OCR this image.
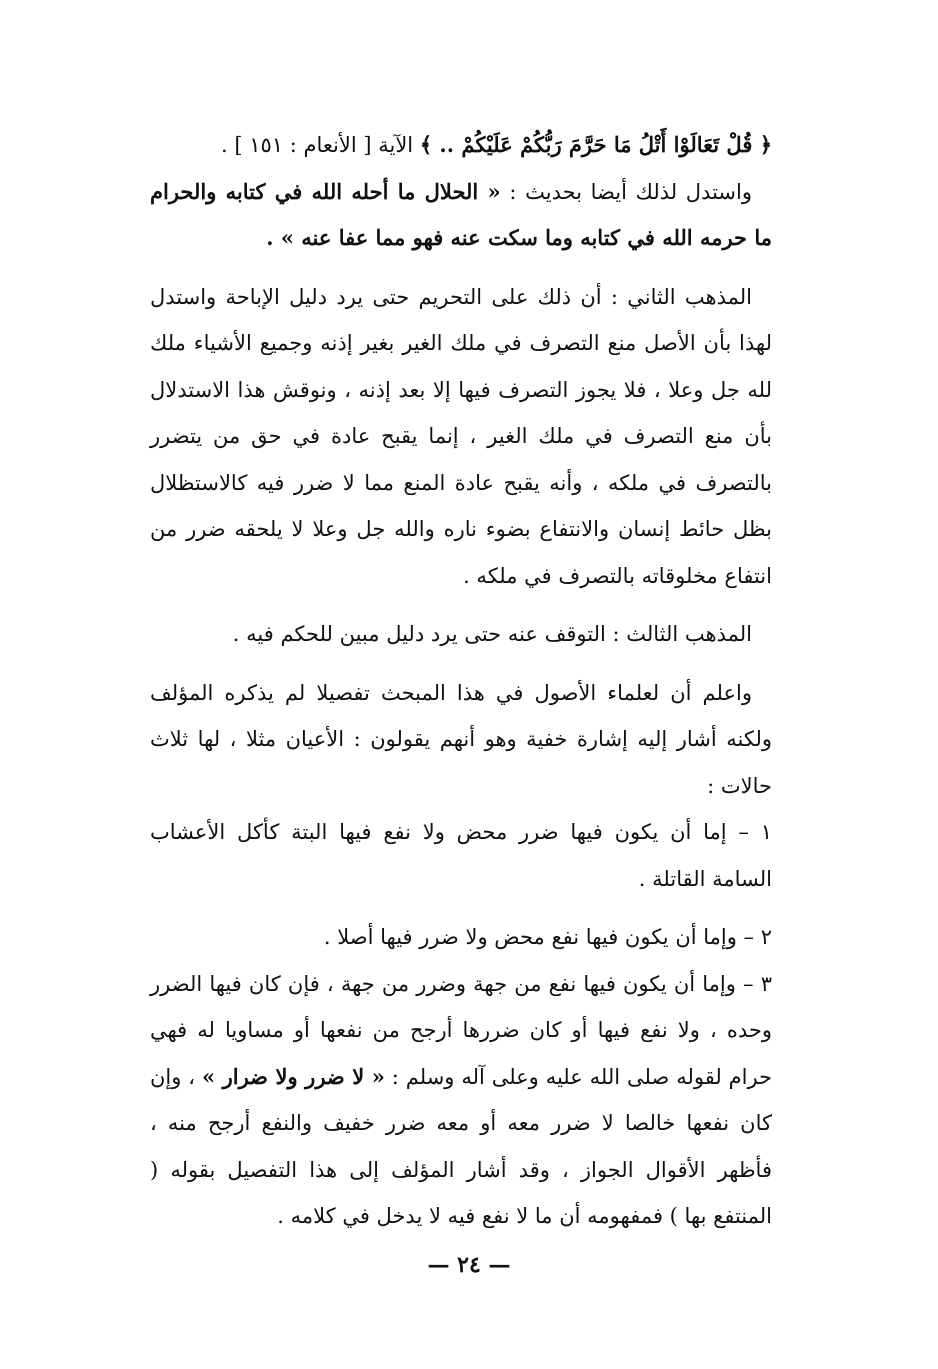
﴿ قُلْ تَعَالَوْا أَتْلُ مَا حَرَّمَ رَبُّكُمْ عَلَيْكُمْ .. ﴾ الآية [ الأنعام : ١٥١ ] .

واستدل لذلك أيضا بحديث : « الحلال ما أحله الله في كتابه والحرام ما حرمه الله في كتابه وما سكت عنه فهو مما عفا عنه » .

المذهب الثاني : أن ذلك على التحريم حتى يرد دليل الإباحة واستدل لهذا بأن الأصل منع التصرف في ملك الغير بغير إذنه وجميع الأشياء ملك لله جل وعلا ، فلا يجوز التصرف فيها إلا بعد إذنه ، ونوقش هذا الاستدلال بأن منع التصرف في ملك الغير ، إنما يقبح عادة في حق من يتضرر بالتصرف في ملكه ، وأنه يقبح عادة المنع مما لا ضرر فيه كالاستظلال بظل حائط إنسان والانتفاع بضوء ناره والله جل وعلا لا يلحقه ضرر من انتفاع مخلوقاته بالتصرف في ملكه .

المذهب الثالث : التوقف عنه حتى يرد دليل مبين للحكم فيه .

واعلم أن لعلماء الأصول في هذا المبحث تفصيلا لم يذكره المؤلف ولكنه أشار إليه إشارة خفية وهو أنهم يقولون : الأعيان مثلا ، لها ثلاث حالات :

١ – إما أن يكون فيها ضرر محض ولا نفع فيها البتة كأكل الأعشاب السامة القاتلة .

٢ – وإما أن يكون فيها نفع محض ولا ضرر فيها أصلا .

٣ – وإما أن يكون فيها نفع من جهة وضرر من جهة ، فإن كان فيها الضرر وحده ، ولا نفع فيها أو كان ضررها أرجح من نفعها أو مساويا له فهي حرام لقوله صلى الله عليه وعلى آله وسلم : « لا ضرر ولا ضرار » ، وإن كان نفعها خالصا لا ضرر معه أو معه ضرر خفيف والنفع أرجح منه ، فأظهر الأقوال الجواز ، وقد أشار المؤلف إلى هذا التفصيل بقوله ( المنتفع بها ) فمفهومه أن ما لا نفع فيه لا يدخل في كلامه .

— ٢٤ —
